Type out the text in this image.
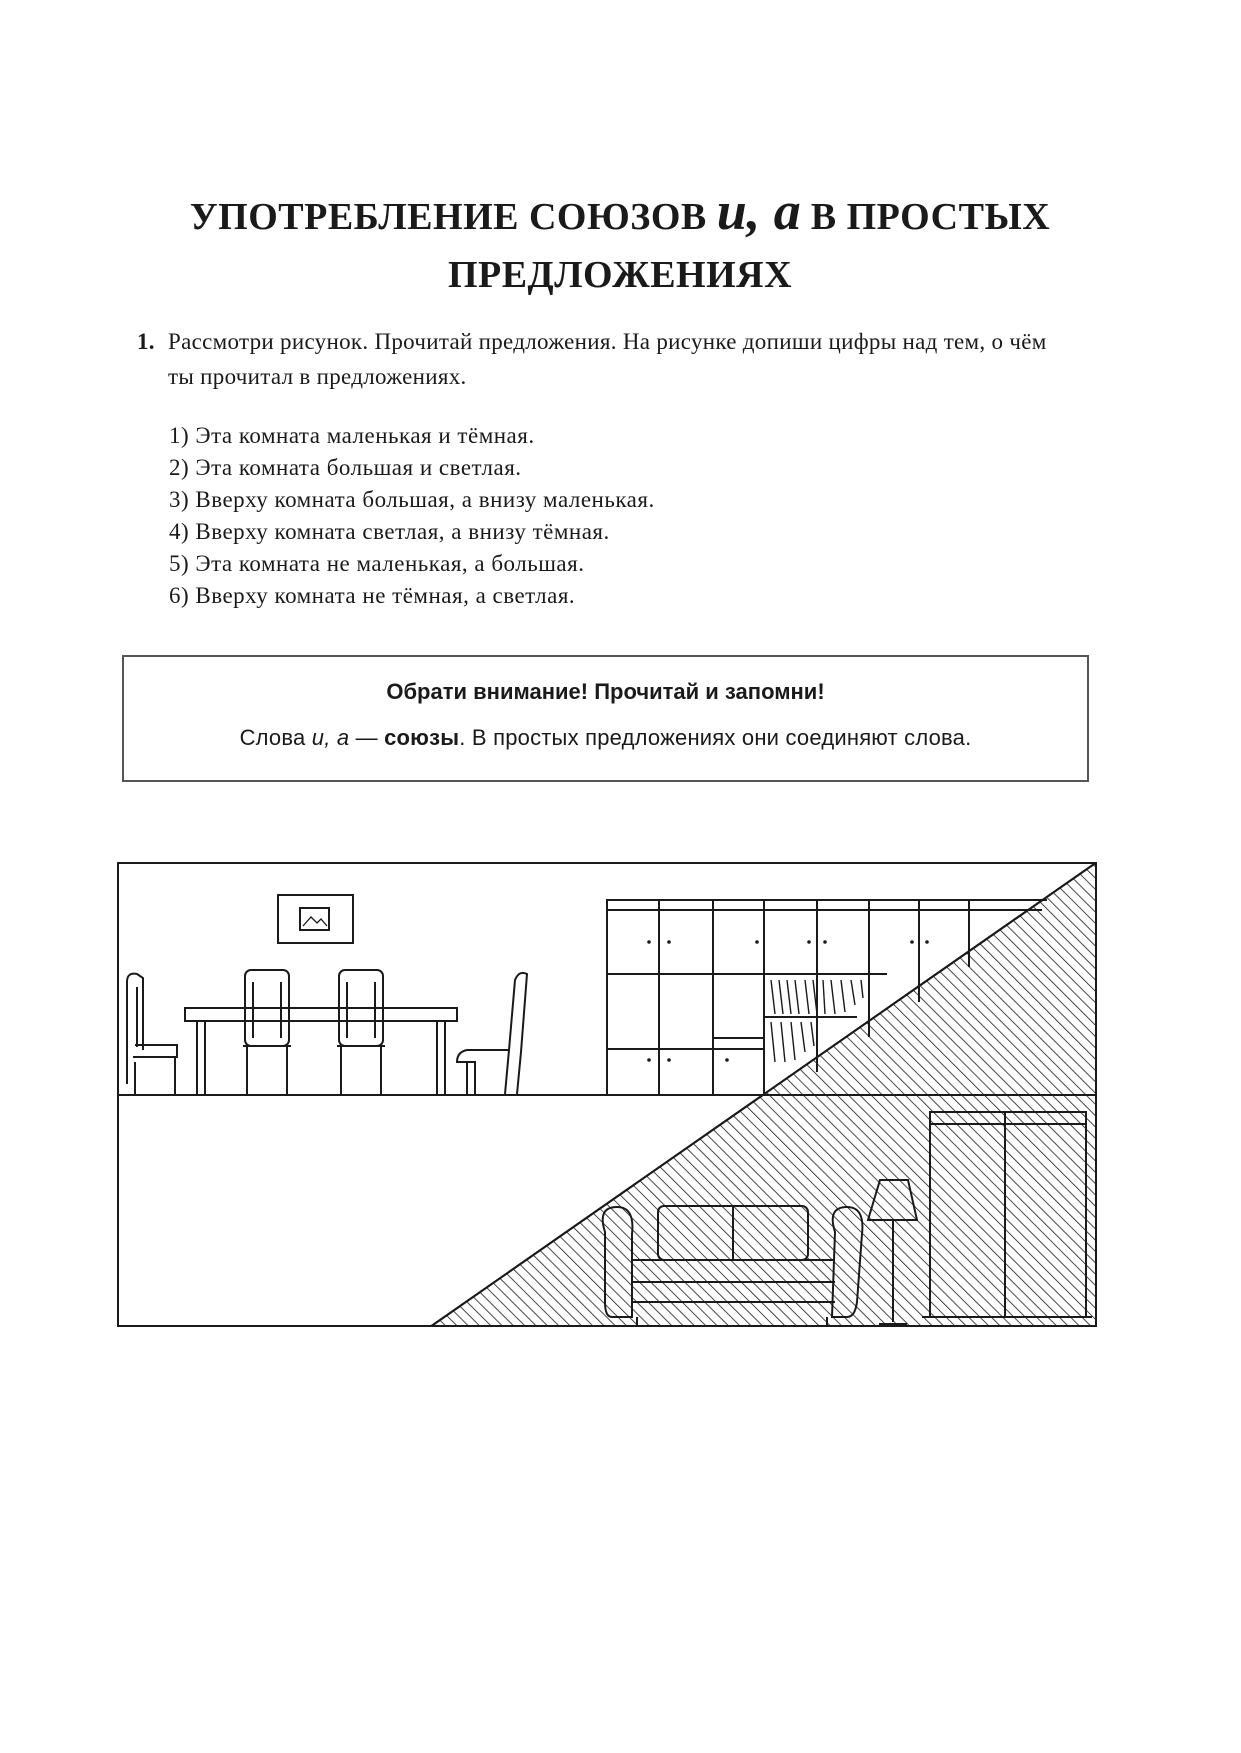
УПОТРЕБЛЕНИЕ СОЮЗОВ и, а В ПРОСТЫХ
ПРЕДЛОЖЕНИЯХ
1. Рассмотри рисунок. Прочитай предложения. На рисунке допиши цифры над тем, о чём ты прочитал в предложениях.
1) Эта комната маленькая и тёмная.
2) Эта комната большая и светлая.
3) Вверху комната большая, а внизу маленькая.
4) Вверху комната светлая, а внизу тёмная.
5) Эта комната не маленькая, а большая.
6) Вверху комната не тёмная, а светлая.
Обрати внимание! Прочитай и запомни!
Слова и, а — союзы. В простых предложениях они соединяют слова.
